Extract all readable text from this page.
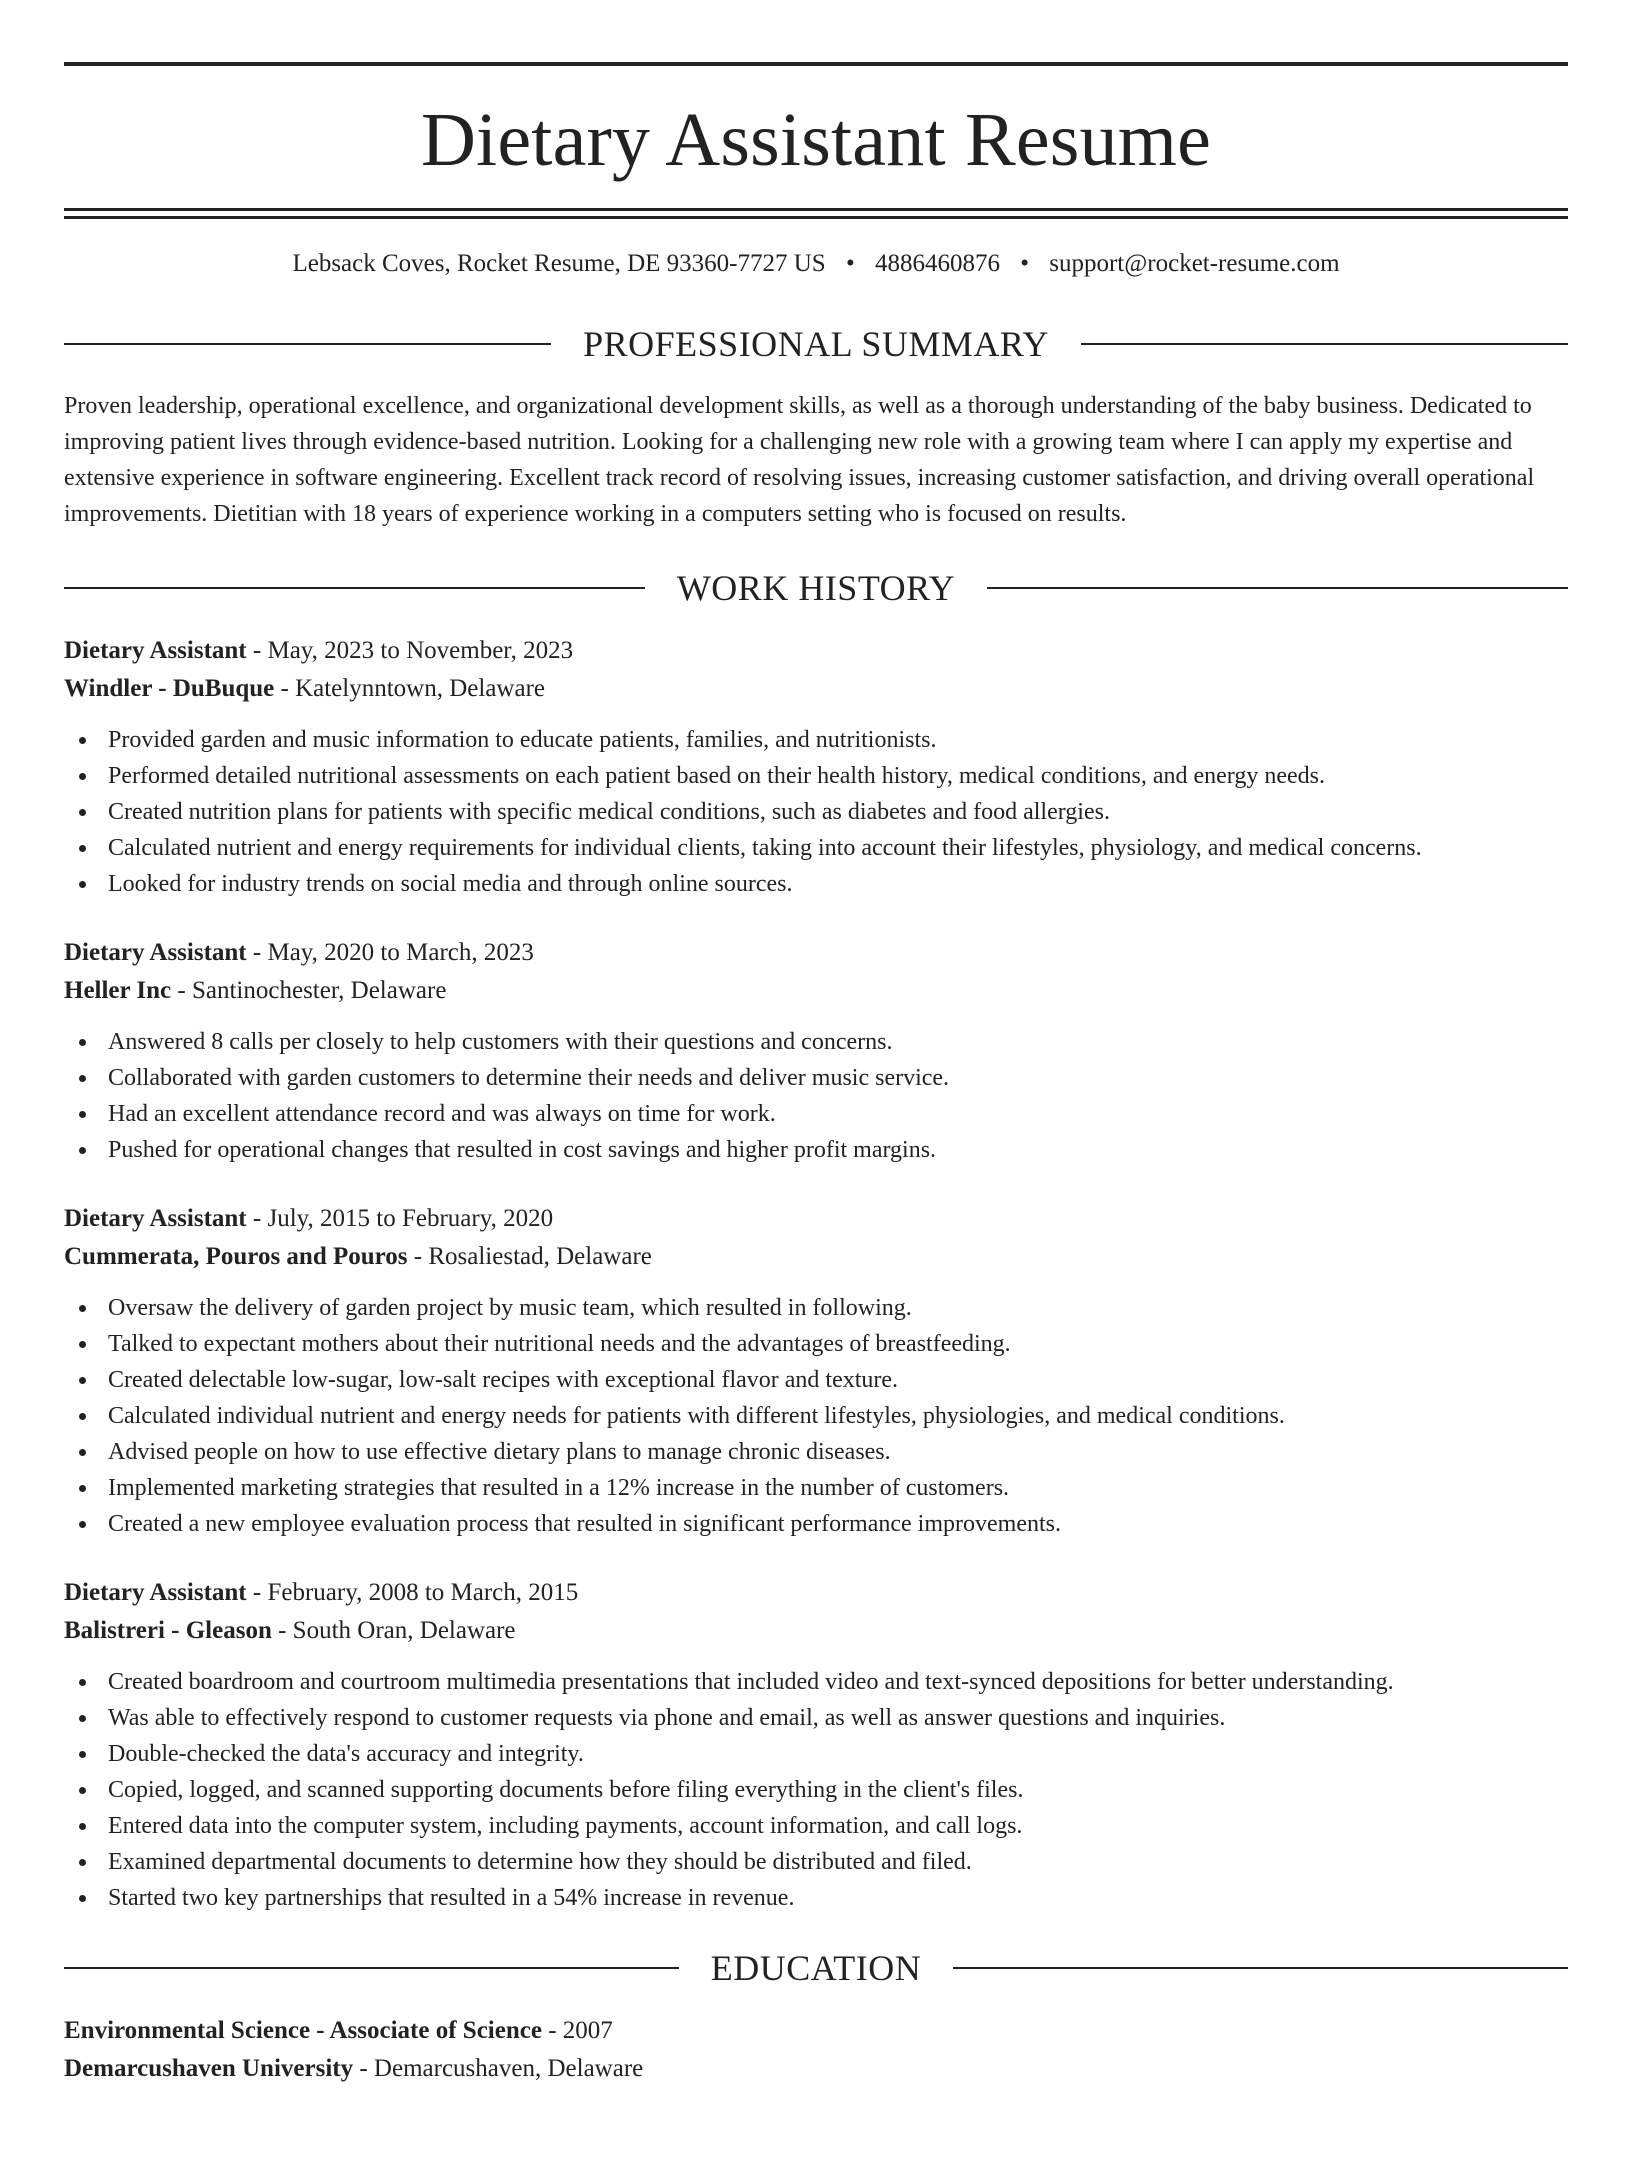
Dietary Assistant Resume
Lebsack Coves, Rocket Resume, DE 93360-7727 US • 4886460876 • support@rocket-resume.com
PROFESSIONAL SUMMARY

Proven leadership, operational excellence, and organizational development skills, as well as a thorough understanding of the baby business. Dedicated to improving patient lives through evidence-based nutrition. Looking for a challenging new role with a growing team where I can apply my expertise and extensive experience in software engineering. Excellent track record of resolving issues, increasing customer satisfaction, and driving overall operational improvements. Dietitian with 18 years of experience working in a computers setting who is focused on results.

WORK HISTORY
Dietary Assistant - May, 2023 to November, 2023
Windler - DuBuque - Katelynntown, Delaware
Provided garden and music information to educate patients, families, and nutritionists.
Performed detailed nutritional assessments on each patient based on their health history, medical conditions, and energy needs.
Created nutrition plans for patients with specific medical conditions, such as diabetes and food allergies.
Calculated nutrient and energy requirements for individual clients, taking into account their lifestyles, physiology, and medical concerns.
Looked for industry trends on social media and through online sources.
Dietary Assistant - May, 2020 to March, 2023
Heller Inc - Santinochester, Delaware
Answered 8 calls per closely to help customers with their questions and concerns.
Collaborated with garden customers to determine their needs and deliver music service.
Had an excellent attendance record and was always on time for work.
Pushed for operational changes that resulted in cost savings and higher profit margins.
Dietary Assistant - July, 2015 to February, 2020
Cummerata, Pouros and Pouros - Rosaliestad, Delaware
Oversaw the delivery of garden project by music team, which resulted in following.
Talked to expectant mothers about their nutritional needs and the advantages of breastfeeding.
Created delectable low-sugar, low-salt recipes with exceptional flavor and texture.
Calculated individual nutrient and energy needs for patients with different lifestyles, physiologies, and medical conditions.
Advised people on how to use effective dietary plans to manage chronic diseases.
Implemented marketing strategies that resulted in a 12% increase in the number of customers.
Created a new employee evaluation process that resulted in significant performance improvements.
Dietary Assistant - February, 2008 to March, 2015
Balistreri - Gleason - South Oran, Delaware
Created boardroom and courtroom multimedia presentations that included video and text-synced depositions for better understanding.
Was able to effectively respond to customer requests via phone and email, as well as answer questions and inquiries.
Double-checked the data's accuracy and integrity.
Copied, logged, and scanned supporting documents before filing everything in the client's files.
Entered data into the computer system, including payments, account information, and call logs.
Examined departmental documents to determine how they should be distributed and filed.
Started two key partnerships that resulted in a 54% increase in revenue.
EDUCATION
Environmental Science - Associate of Science - 2007
Demarcushaven University - Demarcushaven, Delaware
